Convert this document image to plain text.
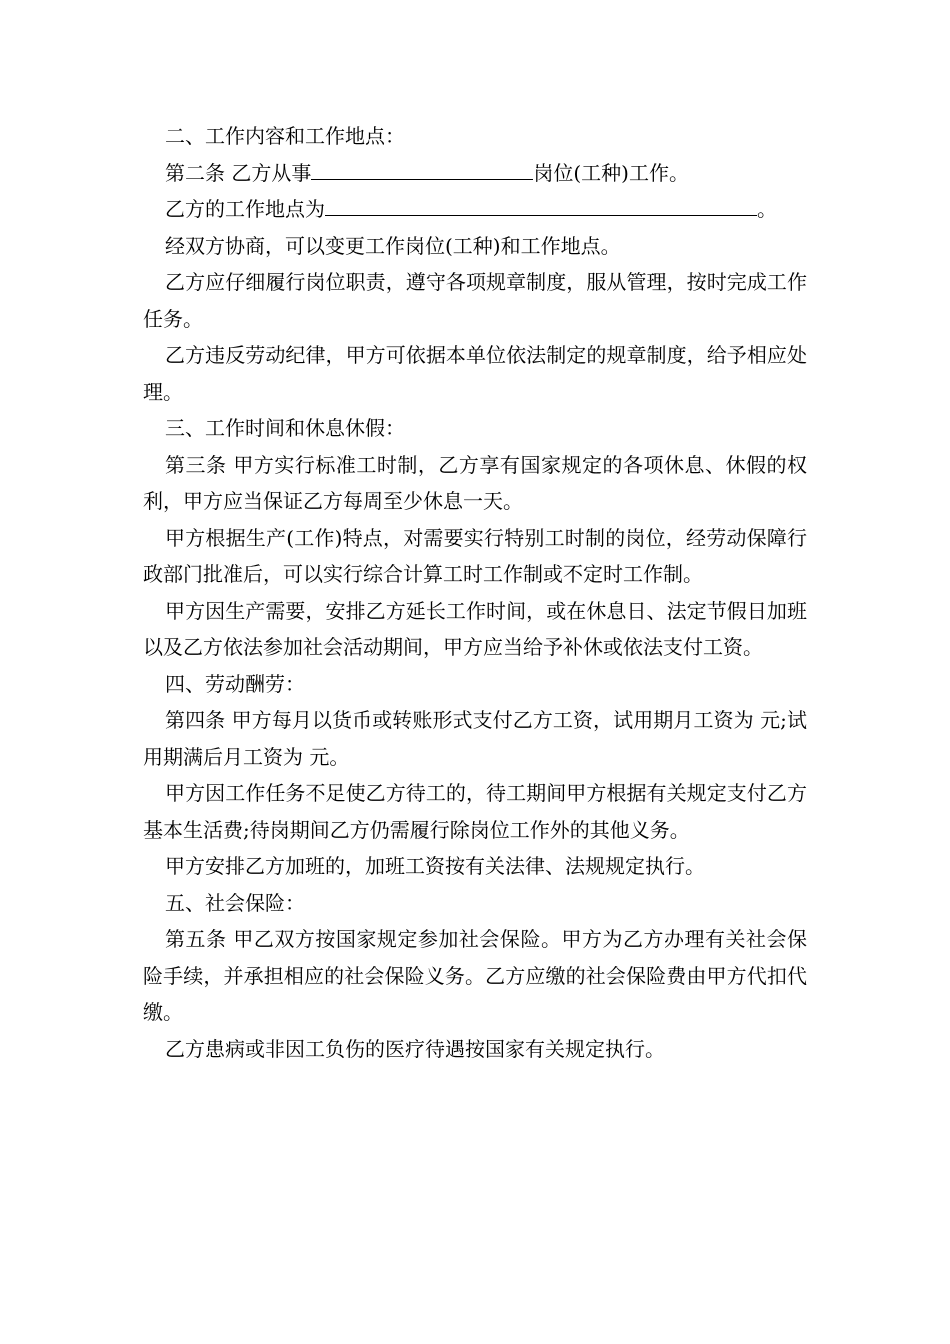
二、工作内容和工作地点：
第二条 乙方从事	岗位(工种)工作。
乙方的工作地点为	。
经双方协商，可以变更工作岗位(工种)和工作地点。
乙方应仔细履行岗位职责，遵守各项规章制度，服从管理，按时完成工作任务。
乙方违反劳动纪律，甲方可依据本单位依法制定的规章制度，给予相应处理。
三、工作时间和休息休假：
第三条 甲方实行标准工时制，乙方享有国家规定的各项休息、休假的权利，甲方应当保证乙方每周至少休息一天。
甲方根据生产(工作)特点，对需要实行特别工时制的岗位，经劳动保障行政部门批准后，可以实行综合计算工时工作制或不定时工作制。
甲方因生产需要，安排乙方延长工作时间，或在休息日、法定节假日加班以及乙方依法参加社会活动期间，甲方应当给予补休或依法支付工资。
四、劳动酬劳：
第四条 甲方每月以货币或转账形式支付乙方工资，试用期月工资为 元;试用期满后月工资为 元。
甲方因工作任务不足使乙方待工的，待工期间甲方根据有关规定支付乙方基本生活费;待岗期间乙方仍需履行除岗位工作外的其他义务。
甲方安排乙方加班的，加班工资按有关法律、法规规定执行。
五、社会保险：
第五条 甲乙双方按国家规定参加社会保险。甲方为乙方办理有关社会保险手续，并承担相应的社会保险义务。乙方应缴的社会保险费由甲方代扣代缴。
乙方患病或非因工负伤的医疗待遇按国家有关规定执行。
